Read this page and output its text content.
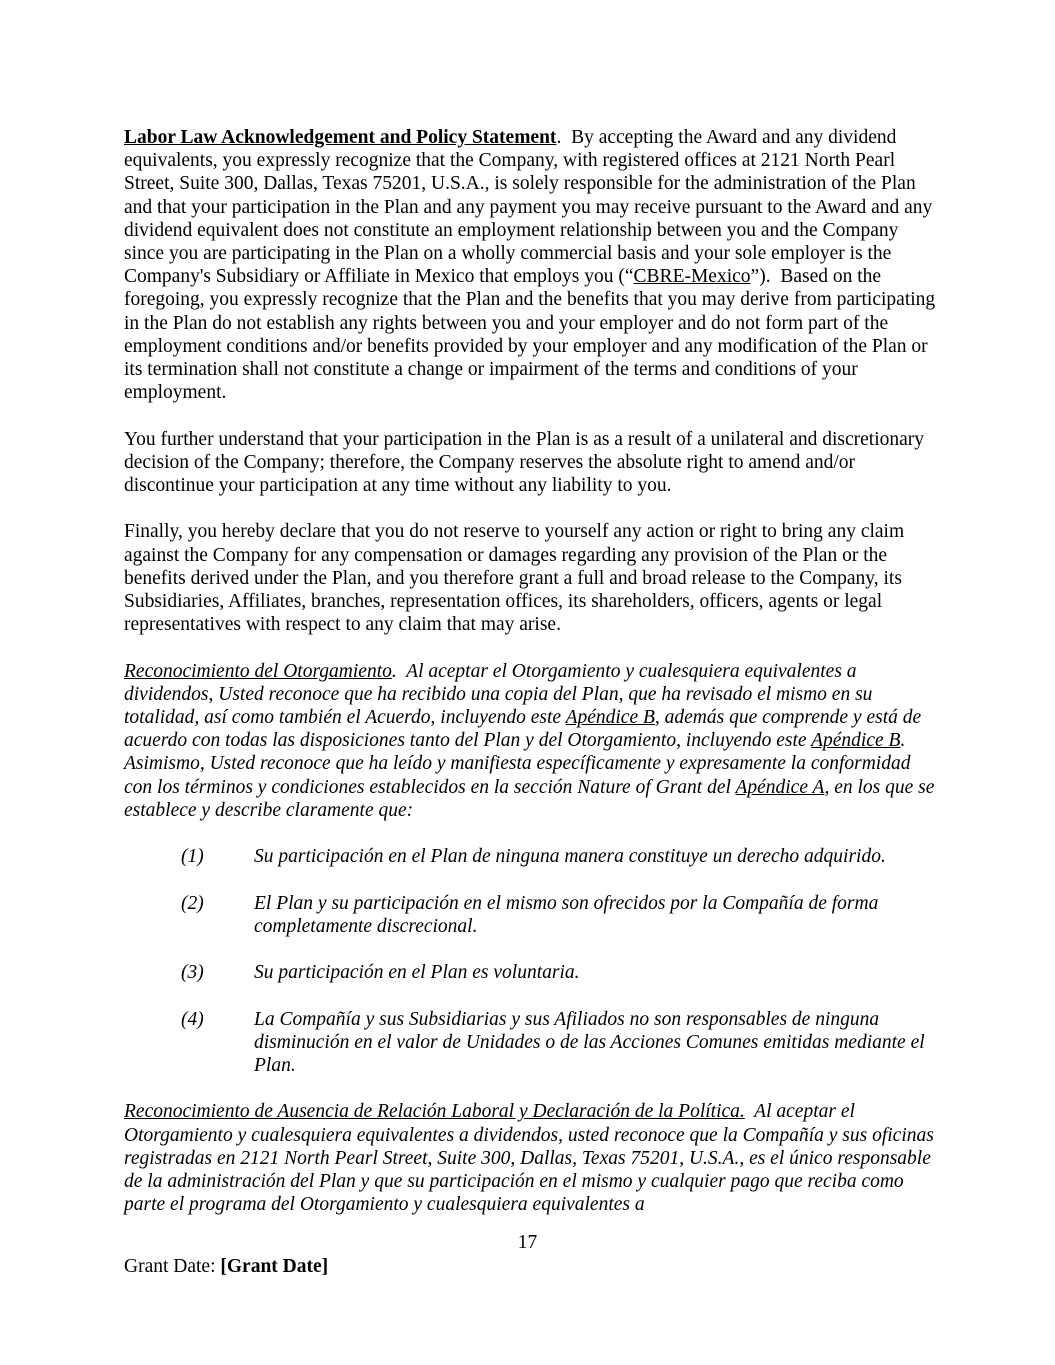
Labor Law Acknowledgement and Policy Statement.  By accepting the Award and any dividend equivalents, you expressly recognize that the Company, with registered offices at 2121 North Pearl Street, Suite 300, Dallas, Texas 75201, U.S.A., is solely responsible for the administration of the Plan and that your participation in the Plan and any payment you may receive pursuant to the Award and any dividend equivalent does not constitute an employment relationship between you and the Company since you are participating in the Plan on a wholly commercial basis and your sole employer is the Company's Subsidiary or Affiliate in Mexico that employs you (“CBRE-Mexico”).  Based on the foregoing, you expressly recognize that the Plan and the benefits that you may derive from participating in the Plan do not establish any rights between you and your employer and do not form part of the employment conditions and/or benefits provided by your employer and any modification of the Plan or its termination shall not constitute a change or impairment of the terms and conditions of your employment.
You further understand that your participation in the Plan is as a result of a unilateral and discretionary decision of the Company; therefore, the Company reserves the absolute right to amend and/or discontinue your participation at any time without any liability to you.
Finally, you hereby declare that you do not reserve to yourself any action or right to bring any claim against the Company for any compensation or damages regarding any provision of the Plan or the benefits derived under the Plan, and you therefore grant a full and broad release to the Company, its Subsidiaries, Affiliates, branches, representation offices, its shareholders, officers, agents or legal representatives with respect to any claim that may arise.
Reconocimiento del Otorgamiento.  Al aceptar el Otorgamiento y cualesquiera equivalentes a dividendos, Usted reconoce que ha recibido una copia del Plan, que ha revisado el mismo en su totalidad, así como también el Acuerdo, incluyendo este Apéndice B, además que comprende y está de acuerdo con todas las disposiciones tanto del Plan y del Otorgamiento, incluyendo este Apéndice B.  Asimismo, Usted reconoce que ha leído y manifiesta específicamente y expresamente la conformidad con los términos y condiciones establecidos en la sección Nature of Grant del Apéndice A, en los que se establece y describe claramente que:
(1)	Su participación en el Plan de ninguna manera constituye un derecho adquirido.
(2)	El Plan y su participación en el mismo son ofrecidos por la Compañía de forma completamente discrecional.
(3)	Su participación en el Plan es voluntaria.
(4)	La Compañía y sus Subsidiarias y sus Afiliados no son responsables de ninguna disminución en el valor de Unidades o de las Acciones Comunes emitidas mediante el Plan.
Reconocimiento de Ausencia de Relación Laboral y Declaración de la Política.  Al aceptar el Otorgamiento y cualesquiera equivalentes a dividendos, usted reconoce que la Compañía y sus oficinas registradas en 2121 North Pearl Street, Suite 300, Dallas, Texas 75201, U.S.A., es el único responsable de la administración del Plan y que su participación en el mismo y cualquier pago que reciba como parte el programa del Otorgamiento y cualesquiera equivalentes a
17
Grant Date: [Grant Date]
